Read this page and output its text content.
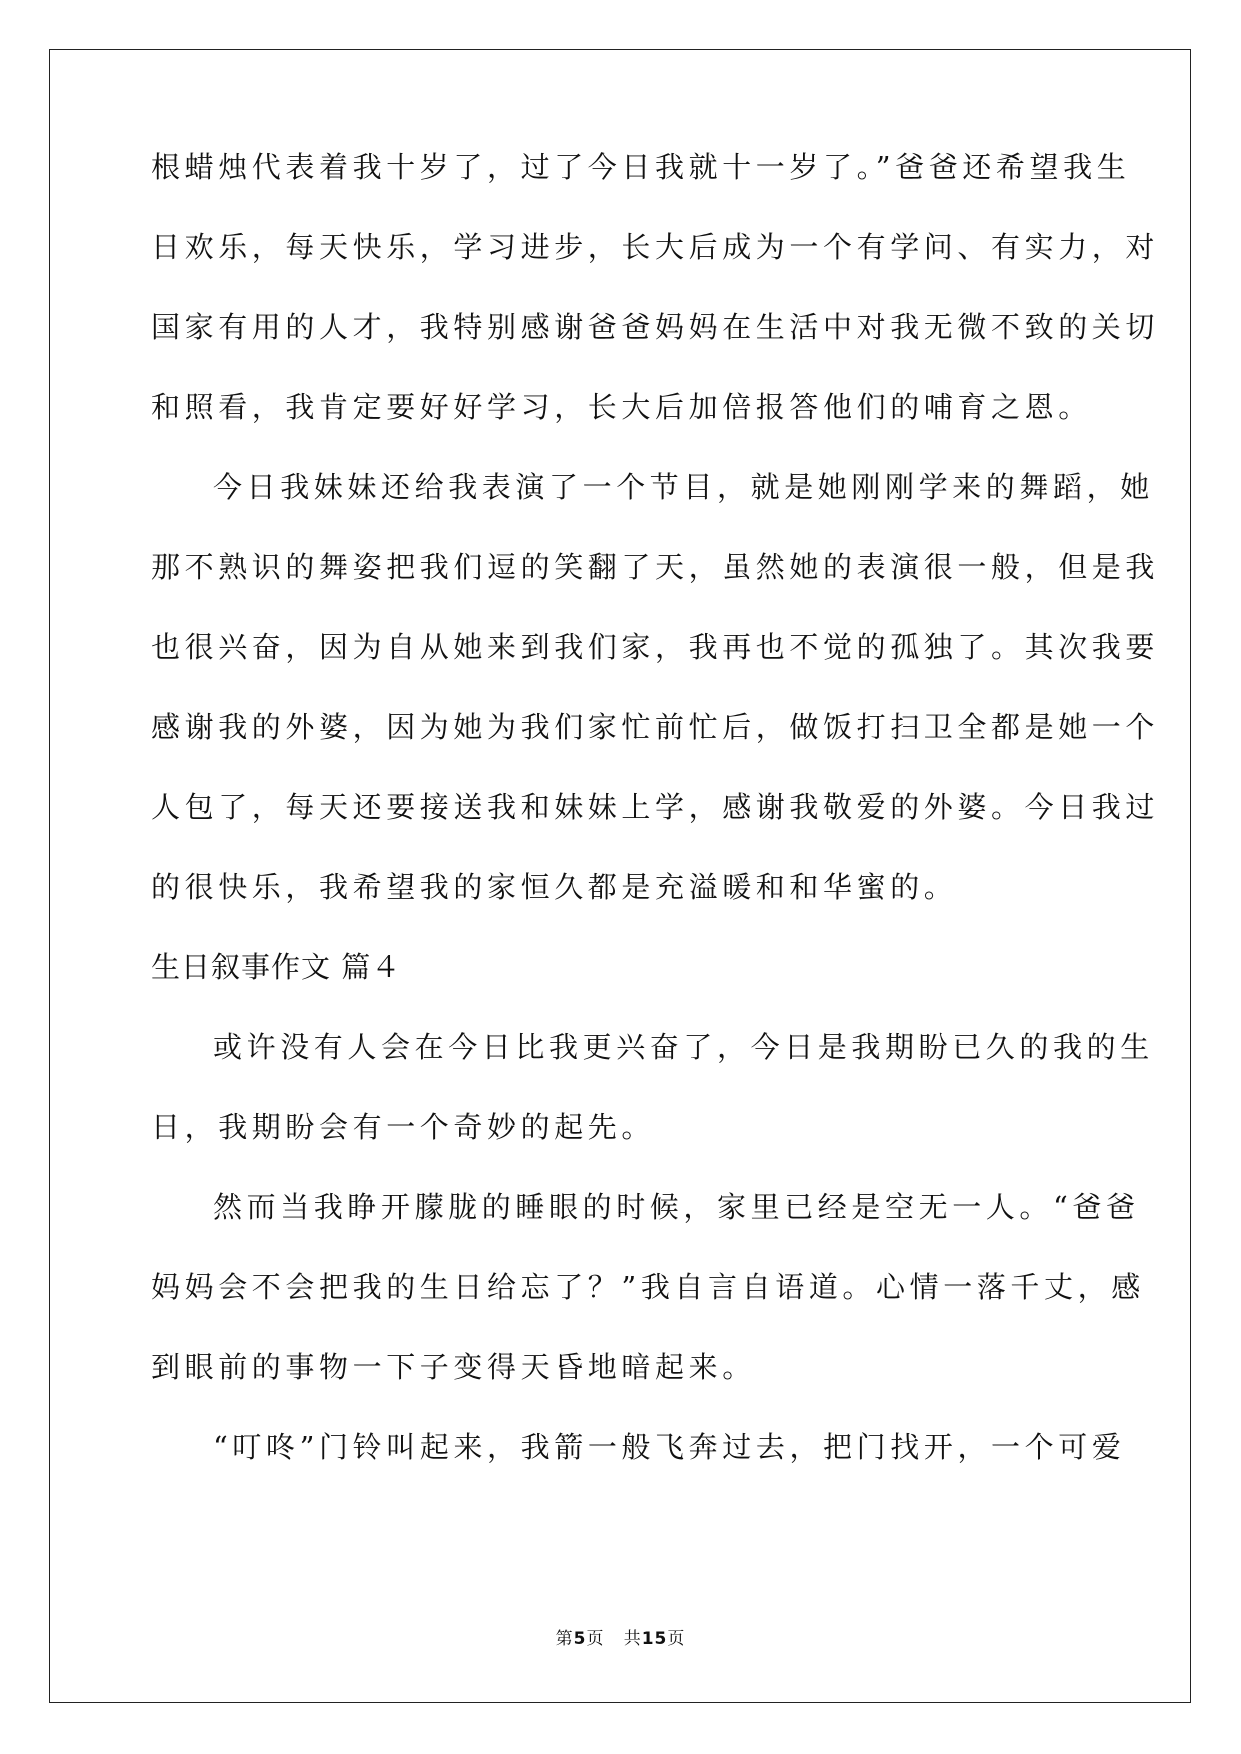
根蜡烛代表着我十岁了，过了今日我就十一岁了。”爸爸还希望我生
日欢乐，每天快乐，学习进步，长大后成为一个有学问、有实力，对
国家有用的人才，我特别感谢爸爸妈妈在生活中对我无微不致的关切
和照看，我肯定要好好学习，长大后加倍报答他们的哺育之恩。
今日我妹妹还给我表演了一个节目，就是她刚刚学来的舞蹈，她
那不熟识的舞姿把我们逗的笑翻了天，虽然她的表演很一般，但是我
也很兴奋，因为自从她来到我们家，我再也不觉的孤独了。其次我要
感谢我的外婆，因为她为我们家忙前忙后，做饭打扫卫全都是她一个
人包了，每天还要接送我和妹妹上学，感谢我敬爱的外婆。今日我过
的很快乐，我希望我的家恒久都是充溢暖和和华蜜的。
生日叙事作文 篇４
或许没有人会在今日比我更兴奋了，今日是我期盼已久的我的生
日，我期盼会有一个奇妙的起先。
然而当我睁开朦胧的睡眼的时候，家里已经是空无一人。“爸爸
妈妈会不会把我的生日给忘了？”我自言自语道。心情一落千丈，感
到眼前的事物一下子变得天昏地暗起来。
“叮咚”门铃叫起来，我箭一般飞奔过去，把门找开，一个可爱
第5页 共15页
